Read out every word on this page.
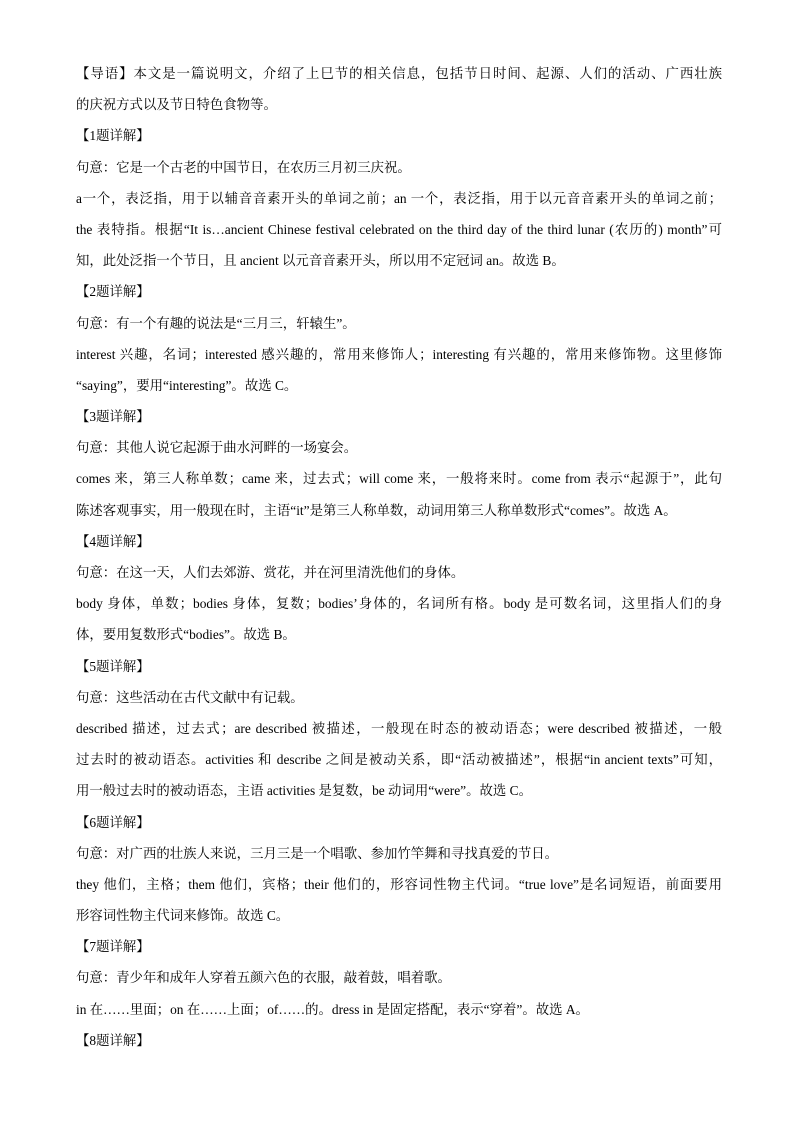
【导语】本文是一篇说明文，介绍了上巳节的相关信息，包括节日时间、起源、人们的活动、广西壮族
的庆祝方式以及节日特色食物等。
【1题详解】
句意：它是一个古老的中国节日，在农历三月初三庆祝。
a一个，表泛指，用于以辅音音素开头的单词之前；an 一个，表泛指，用于以元音音素开头的单词之前；
the 表特指。根据“It is…ancient Chinese festival celebrated on the third day of the third lunar (农历的) month”可
知，此处泛指一个节日，且 ancient 以元音音素开头，所以用不定冠词 an。故选 B。
【2题详解】
句意：有一个有趣的说法是“三月三，轩辕生”。
interest 兴趣，名词；interested 感兴趣的，常用来修饰人；interesting 有兴趣的，常用来修饰物。这里修饰
“saying”，要用“interesting”。故选 C。
【3题详解】
句意：其他人说它起源于曲水河畔的一场宴会。
comes 来，第三人称单数；came 来，过去式；will come 来，一般将来时。come from 表示“起源于”，此句
陈述客观事实，用一般现在时，主语“it”是第三人称单数，动词用第三人称单数形式“comes”。故选 A。
【4题详解】
句意：在这一天，人们去郊游、赏花，并在河里清洗他们的身体。
body 身体，单数；bodies 身体，复数；bodies’身体的，名词所有格。body 是可数名词，这里指人们的身
体，要用复数形式“bodies”。故选 B。
【5题详解】
句意：这些活动在古代文献中有记载。
described 描述，过去式；are described 被描述，一般现在时态的被动语态；were described 被描述，一般
过去时的被动语态。activities 和 describe 之间是被动关系，即“活动被描述”，根据“in ancient texts”可知，
用一般过去时的被动语态，主语 activities 是复数，be 动词用“were”。故选 C。
【6题详解】
句意：对广西的壮族人来说，三月三是一个唱歌、参加竹竿舞和寻找真爱的节日。
they 他们，主格；them 他们，宾格；their 他们的，形容词性物主代词。“true love”是名词短语，前面要用
形容词性物主代词来修饰。故选 C。
【7题详解】
句意：青少年和成年人穿着五颜六色的衣服，敲着鼓，唱着歌。
in 在……里面；on 在……上面；of……的。dress in 是固定搭配，表示“穿着”。故选 A。
【8题详解】
